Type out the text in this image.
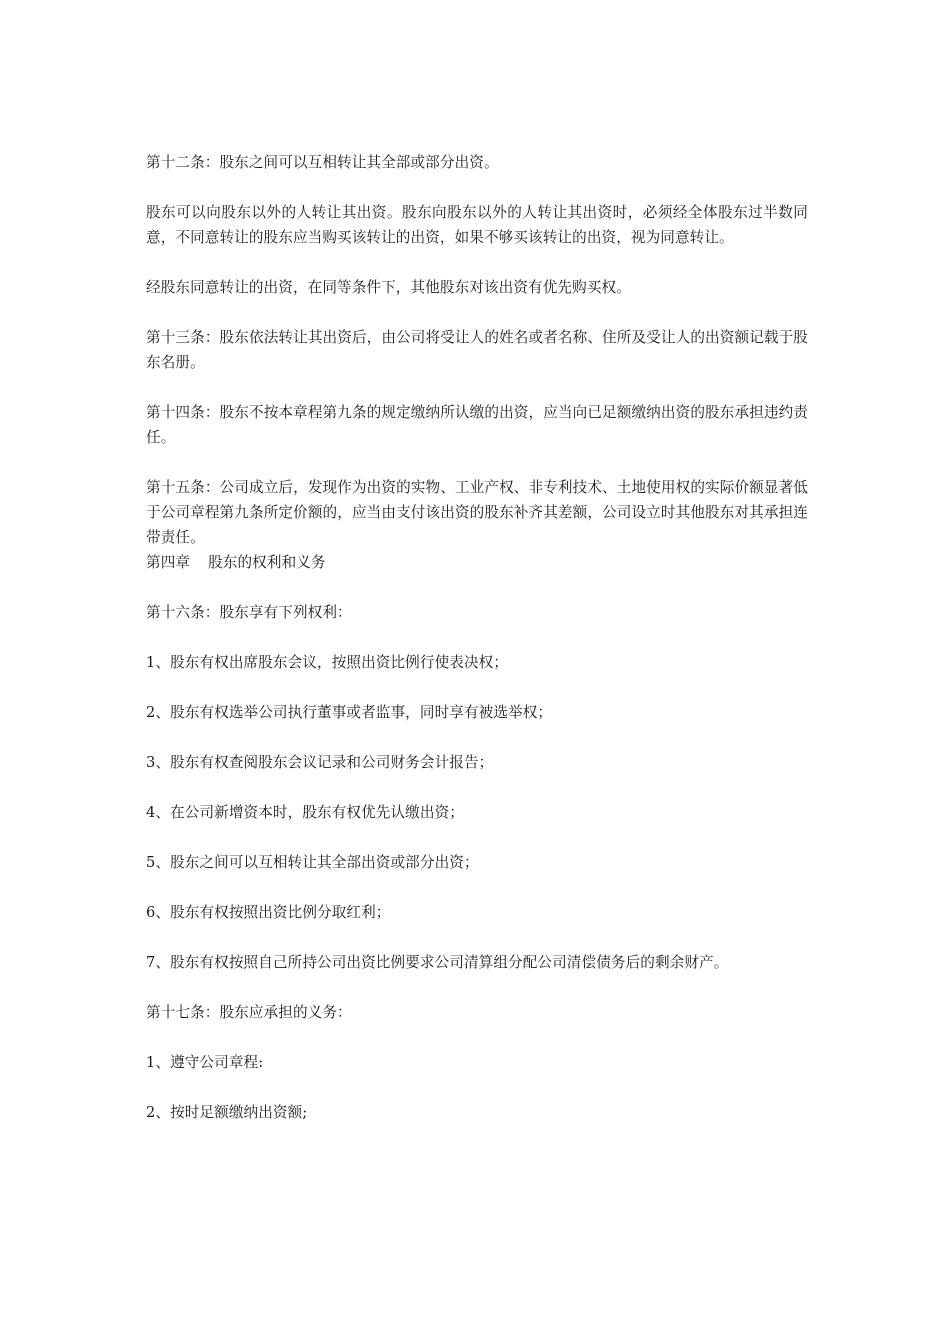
第十二条：股东之间可以互相转让其全部或部分出资。

股东可以向股东以外的人转让其出资。股东向股东以外的人转让其出资时，必须经全体股东过半数同意，不同意转让的股东应当购买该转让的出资，如果不够买该转让的出资，视为同意转让。

经股东同意转让的出资，在同等条件下，其他股东对该出资有优先购买权。

第十三条：股东依法转让其出资后，由公司将受让人的姓名或者名称、住所及受让人的出资额记载于股东名册。

第十四条：股东不按本章程第九条的规定缴纳所认缴的出资，应当向已足额缴纳出资的股东承担违约责任。

第十五条：公司成立后，发现作为出资的实物、工业产权、非专利技术、土地使用权的实际价额显著低于公司章程第九条所定价额的，应当由支付该出资的股东补齐其差额，公司设立时其他股东对其承担连带责任。

第四章 股东的权利和义务

第十六条：股东享有下列权利：

1、股东有权出席股东会议，按照出资比例行使表决权；

2、股东有权选举公司执行董事或者监事，同时享有被选举权；

3、股东有权查阅股东会议记录和公司财务会计报告；

4、在公司新增资本时，股东有权优先认缴出资；

5、股东之间可以互相转让其全部出资或部分出资；

6、股东有权按照出资比例分取红利；

7、股东有权按照自己所持公司出资比例要求公司清算组分配公司清偿债务后的剩余财产。

第十七条：股东应承担的义务：

1、遵守公司章程:

2、按时足额缴纳出资额;
